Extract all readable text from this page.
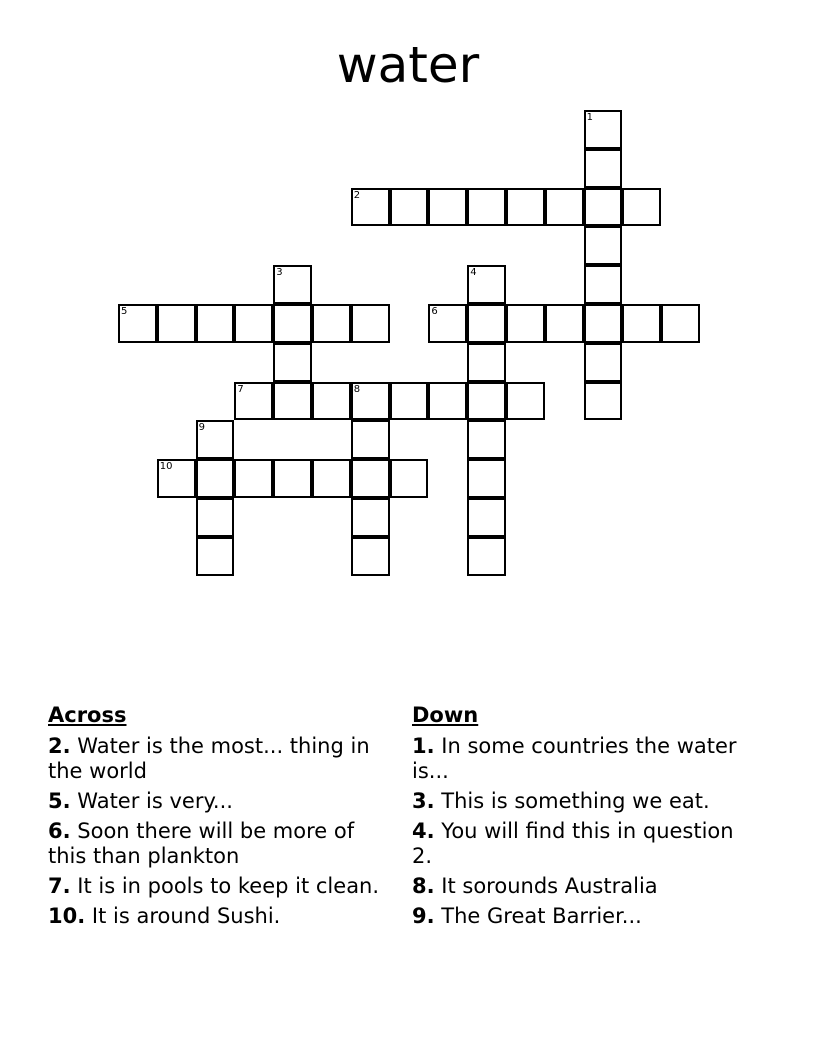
water
1
2
3	4
5	6
7	8
9
10
Across
2. Water is the most... thing in the world
5. Water is very...
6. Soon there will be more of this than plankton
7. It is in pools to keep it clean.
10. It is around Sushi.
Down
1. In some countries the water is...
3. This is something we eat.
4. You will find this in question 2.
8. It sorounds Australia
9. The Great Barrier...
